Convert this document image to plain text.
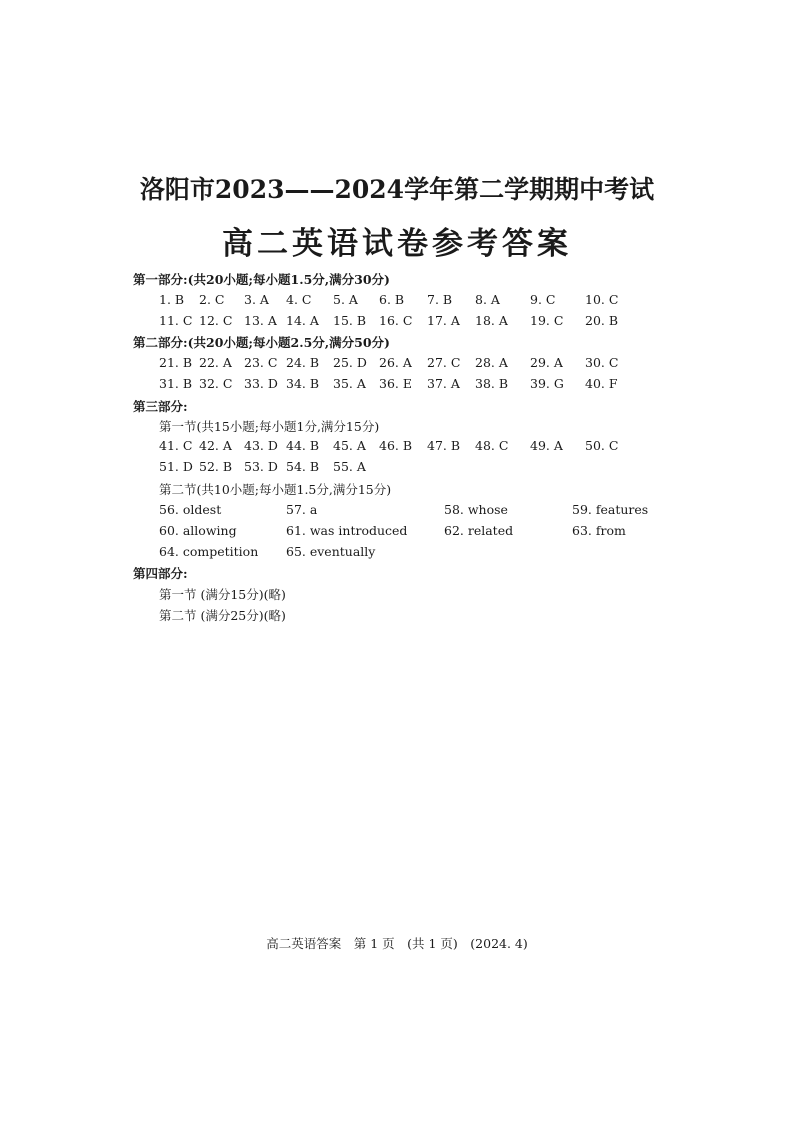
洛阳市2023——2024学年第二学期期中考试
高二英语试卷参考答案
第一部分:(共20小题;每小题1.5分,满分30分)
1. B 2. C 3. A 4. C 5. A 6. B 7. B 8. A 9. C 10. C
11. C 12. C 13. A 14. A 15. B 16. C 17. A 18. A 19. C 20. B
第二部分:(共20小题;每小题2.5分,满分50分)
21. B 22. A 23. C 24. B 25. D 26. A 27. C 28. A 29. A 30. C
31. B 32. C 33. D 34. B 35. A 36. E 37. A 38. B 39. G 40. F
第三部分:
第一节(共15小题;每小题1分,满分15分)
41. C 42. A 43. D 44. B 45. A 46. B 47. B 48. C 49. A 50. C
51. D 52. B 53. D 54. B 55. A
第二节(共10小题;每小题1.5分,满分15分)
56. oldest	57. a	58. whose	59. features
60. allowing	61. was introduced	62. related	63. from
64. competition 65. eventually
第四部分:
第一节 (满分15分)(略)
第二节 (满分25分)(略)
高二英语答案　第 1 页　(共 1 页)　(2024. 4)
